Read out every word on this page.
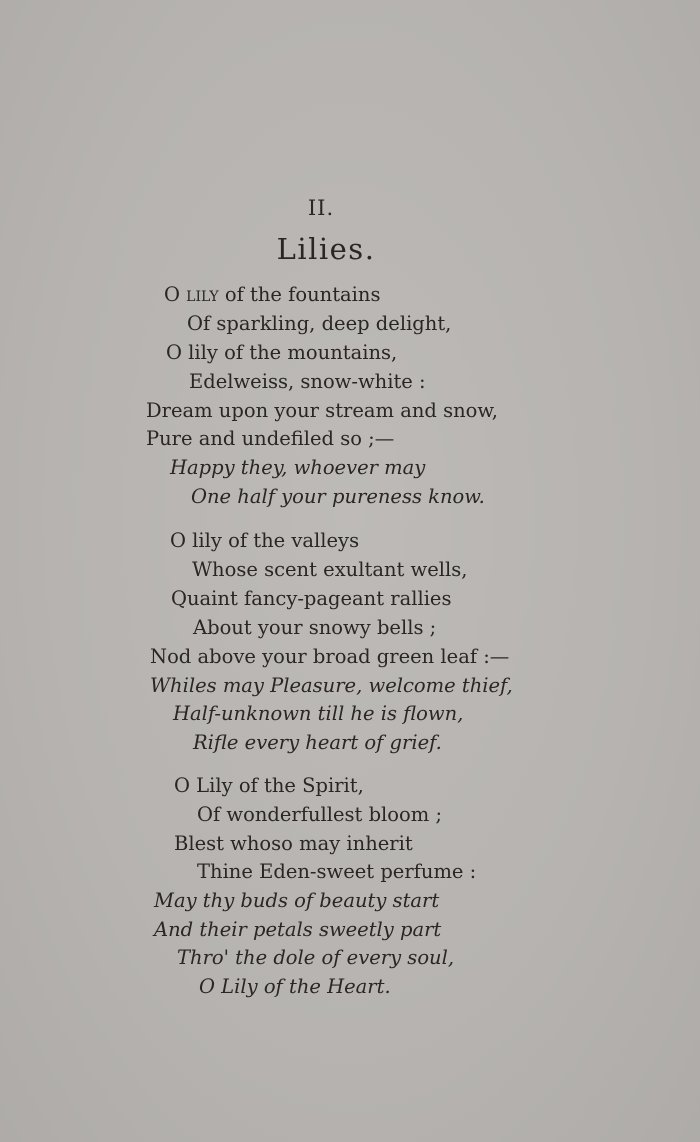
II.
Lilies.
O lily of the fountains
Of sparkling, deep delight,
O lily of the mountains,
Edelweiss, snow-white :
Dream upon your stream and snow,
Pure and undefiled so ;—
Happy they, whoever may
One half your pureness know.
O lily of the valleys
Whose scent exultant wells,
Quaint fancy-pageant rallies
About your snowy bells ;
Nod above your broad green leaf :—
Whiles may Pleasure, welcome thief,
Half-unknown till he is flown,
Rifle every heart of grief.
O Lily of the Spirit,
Of wonderfullest bloom ;
Blest whoso may inherit
Thine Eden-sweet perfume :
May thy buds of beauty start
And their petals sweetly part
Thro' the dole of every soul,
O Lily of the Heart.
